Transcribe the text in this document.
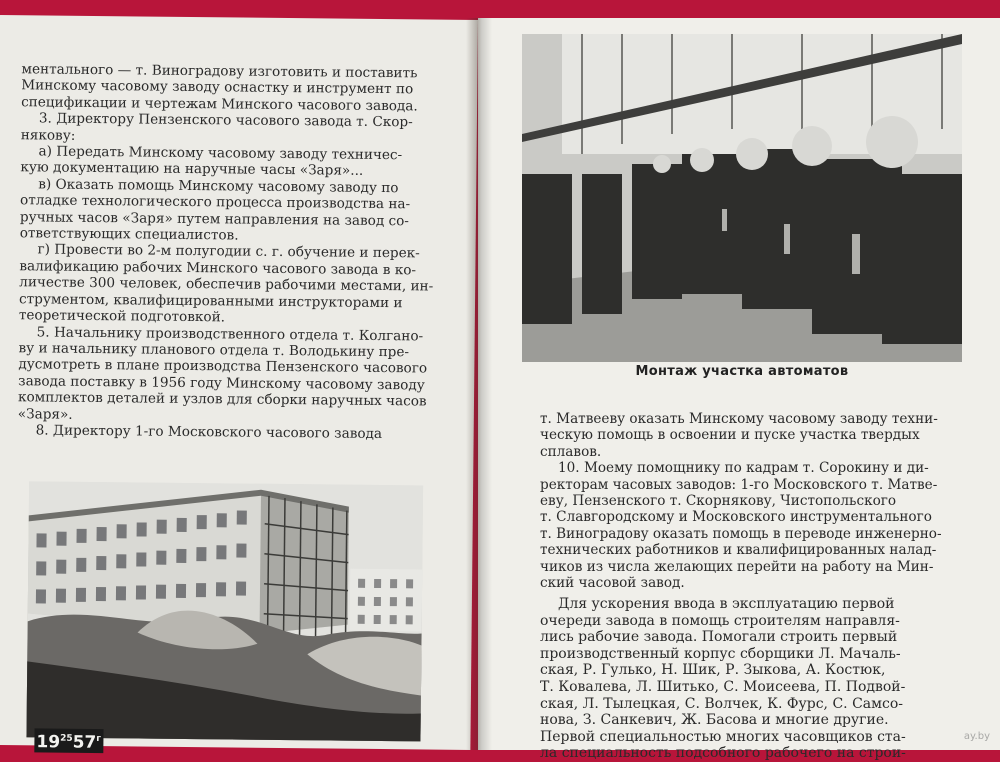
ментального — т. Виноградову изготовить и поставить
Минскому часовому заводу оснастку и инструмент по
спецификации и чертежам Минского часового завода.
3. Директору Пензенского часового завода т. Скор-
някову:
а) Передать Минскому часовому заводу техничес-
кую документацию на наручные часы «Заря»...
в) Оказать помощь Минскому часовому заводу по
отладке технологического процесса производства на-
ручных часов «Заря» путем направления на завод со-
ответствующих специалистов.
г) Провести во 2-м полугодии с. г. обучение и перек-
валификацию рабочих Минского часового завода в ко-
личестве 300 человек, обеспечив рабочими местами, ин-
струментом, квалифицированными инструкторами и
теоретической подготовкой.
5. Начальнику производственного отдела т. Колгано-
ву и начальнику планового отдела т. Володькину пре-
дусмотреть в плане производства Пензенского часового
завода поставку в 1956 году Минскому часовому заводу
комплектов деталей и узлов для сборки наручных часов
«Заря».
8. Директору 1-го Московского часового завода
$19^{25}57^г$
Монтаж участка автоматов
т. Матвееву оказать Минскому часовому заводу техни-
ческую помощь в освоении и пуске участка твердых
сплавов.
10. Моему помощнику по кадрам т. Сорокину и ди-
ректорам часовых заводов: 1-го Московского т. Матве-
еву, Пензенского т. Скорнякову, Чистопольского
т. Славгородскому и Московского инструментального
т. Виноградову оказать помощь в переводе инженерно-
технических работников и квалифицированных налад-
чиков из числа желающих перейти на работу на Мин-
ский часовой завод.
Для ускорения ввода в эксплуатацию первой
очереди завода в помощь строителям направля-
лись рабочие завода. Помогали строить первый
производственный корпус сборщики Л. Мачаль-
ская, Р. Гулько, Н. Шик, Р. Зыкова, А. Костюк,
Т. Ковалева, Л. Шитько, С. Моисеева, П. Подвой-
ская, Л. Тылецкая, С. Волчек, К. Фурс, С. Самсо-
нова, З. Санкевич, Ж. Басова и многие другие.
Первой специальностью многих часовщиков ста-
ла специальность подсобного рабочего на строи-
ay.by
